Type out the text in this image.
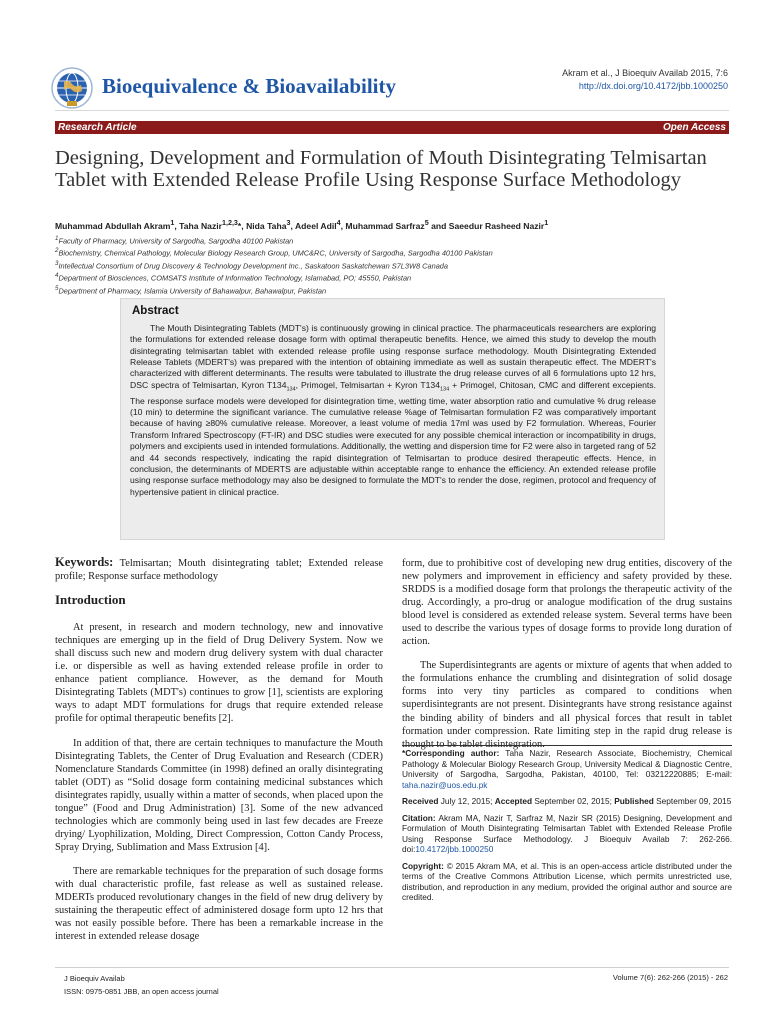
Bioequivalence & Bioavailability
Akram et al., J Bioequiv Availab 2015, 7:6
http://dx.doi.org/10.4172/jbb.1000250
Research Article	Open Access
Designing, Development and Formulation of Mouth Disintegrating Telmisartan Tablet with Extended Release Profile Using Response Surface Methodology
Muhammad Abdullah Akram$^1$, Taha Nazir$^{1,2,3}$*, Nida Taha$^3$, Adeel Adil$^4$, Muhammad Sarfraz$^5$ and Saeedur Rasheed Nazir$^1$
$^1$Faculty of Pharmacy, University of Sargodha, Sargodha 40100 Pakistan
$^2$Biochemistry, Chemical Pathology, Molecular Biology Research Group, UMC&RC, University of Sargodha, Sargodha 40100 Pakistan
$^3$Intellectual Consortium of Drug Discovery & Technology Development Inc., Saskatoon Saskatchewan S7L3W8 Canada
$^4$Department of Biosciences, COMSATS Institute of Information Technology, Islamabad, PO; 45550, Pakistan
$^5$Department of Pharmacy, Islamia University of Bahawalpur, Bahawalpur, Pakistan
Abstract
The Mouth Disintegrating Tablets (MDT's) is continuously growing in clinical practice. The pharmaceuticals researchers are exploring the formulations for extended release dosage form with optimal therapeutic benefits. Hence, we aimed this study to develop the mouth disintegrating telmisartan tablet with extended release profile using response surface methodology. Mouth Disintegrating Extended Release Tablets (MDERT's) was prepared with the intention of obtaining immediate as well as sustain therapeutic effect. The MDERT's characterized with different determinants. The results were tabulated to illustrate the drug release curves of all 6 formulations upto 12 hrs, DSC spectra of Telmisartan, Kyron $T134_{134}$, Primogel, Telmisartan + Kyron $T134_{134}$ + Primogel, Chitosan, CMC and different excepients. The response surface models were developed for disintegration time, wetting time, water absorption ratio and cumulative % drug release (10 min) to determine the significant variance. The cumulative release %age of Telmisartan formulation F2 was comparatively important because of having ≥80% cumulative release. Moreover, a least volume of media 17ml was used by F2 formulation. Whereas, Fourier Transform Infrared Spectroscopy (FT-IR) and DSC studies were executed for any possible chemical interaction or incompatibility in drugs, polymers and excipients used in intended formulations. Additionally, the wetting and dispersion time for F2 were also in targeted rang of 52 and 44 seconds respectively, indicating the rapid disintegration of Telmisartan to produce desired therapeutic effects. Hence, in conclusion, the determinants of MDERTS are adjustable within acceptable range to enhance the efficiency. An extended release profile using response surface methodology may also be designed to formulate the MDT's to render the dose, regimen, protocol and frequency of hypertensive patient in clinical practice.
Keywords: Telmisartan; Mouth disintegrating tablet; Extended release profile; Response surface methodology
Introduction

At present, in research and modern technology, new and innovative techniques are emerging up in the field of Drug Delivery System. Now we shall discuss such new and modern drug delivery system with dual character i.e. or dispersible as well as having extended release profile in order to enhance patient compliance. However, as the demand for Mouth Disintegrating Tablets (MDT's) continues to grow [1], scientists are exploring ways to adapt MDT formulations for drugs that require extended release profile for optimal therapeutic benefits [2].

In addition of that, there are certain techniques to manufacture the Mouth Disintegrating Tablets, the Center of Drug Evaluation and Research (CDER) Nomenclature Standards Committee (in 1998) defined an orally disintegrating tablet (ODT) as “Solid dosage form containing medicinal substances which disintegrates rapidly, usually within a matter of seconds, when placed upon the tongue” (Food and Drug Administration) [3]. Some of the new advanced technologies which are commonly being used in last few decades are Freeze drying/ Lyophilization, Molding, Direct Compression, Cotton Candy Process, Spray Drying, Sublimation and Mass Extrusion [4].

There are remarkable techniques for the preparation of such dosage forms with dual characteristic profile, fast release as well as sustained release. MDERTs produced revolutionary changes in the field of new drug delivery by sustaining the therapeutic effect of administered dosage form upto 12 hrs that was not easily possible before. There has been a remarkable increase in the interest in extended release dosage

form, due to prohibitive cost of developing new drug entities, discovery of the new polymers and improvement in efficiency and safety provided by these. SRDDS is a modified dosage form that prolongs the therapeutic activity of the drug. Accordingly, a pro-drug or analogue modification of the drug sustains blood level is considered as extended release system. Several terms have been used to describe the various types of dosage forms to provide long duration of action.

The Superdisintegrants are agents or mixture of agents that when added to the formulations enhance the crumbling and disintegration of solid dosage forms into very tiny particles as compared to conditions when superdisintegrants are not present. Disintegrants have strong resistance against the binding ability of binders and all physical forces that result in tablet formation under compression. Rate limiting step in the rapid drug release is thought to be tablet disintegration.

*Corresponding author: Taha Nazir, Research Associate, Biochemistry, Chemical Pathology & Molecular Biology Research Group, University Medical & Diagnostic Centre, University of Sargodha, Sargodha, Pakistan, 40100, Tel: 03212220885; E-mail: taha.nazir@uos.edu.pk
Received July 12, 2015; Accepted September 02, 2015; Published September 09, 2015
Citation: Akram MA, Nazir T, Sarfraz M, Nazir SR (2015) Designing, Development and Formulation of Mouth Disintegrating Telmisartan Tablet with Extended Release Profile Using Response Surface Methodology. J Bioequiv Availab 7: 262-266. doi:10.4172/jbb.1000250
Copyright: © 2015 Akram MA, et al. This is an open-access article distributed under the terms of the Creative Commons Attribution License, which permits unrestricted use, distribution, and reproduction in any medium, provided the original author and source are credited.
J Bioequiv Availab
ISSN: 0975-0851 JBB, an open access journal
Volume 7(6): 262-266 (2015) - 262
